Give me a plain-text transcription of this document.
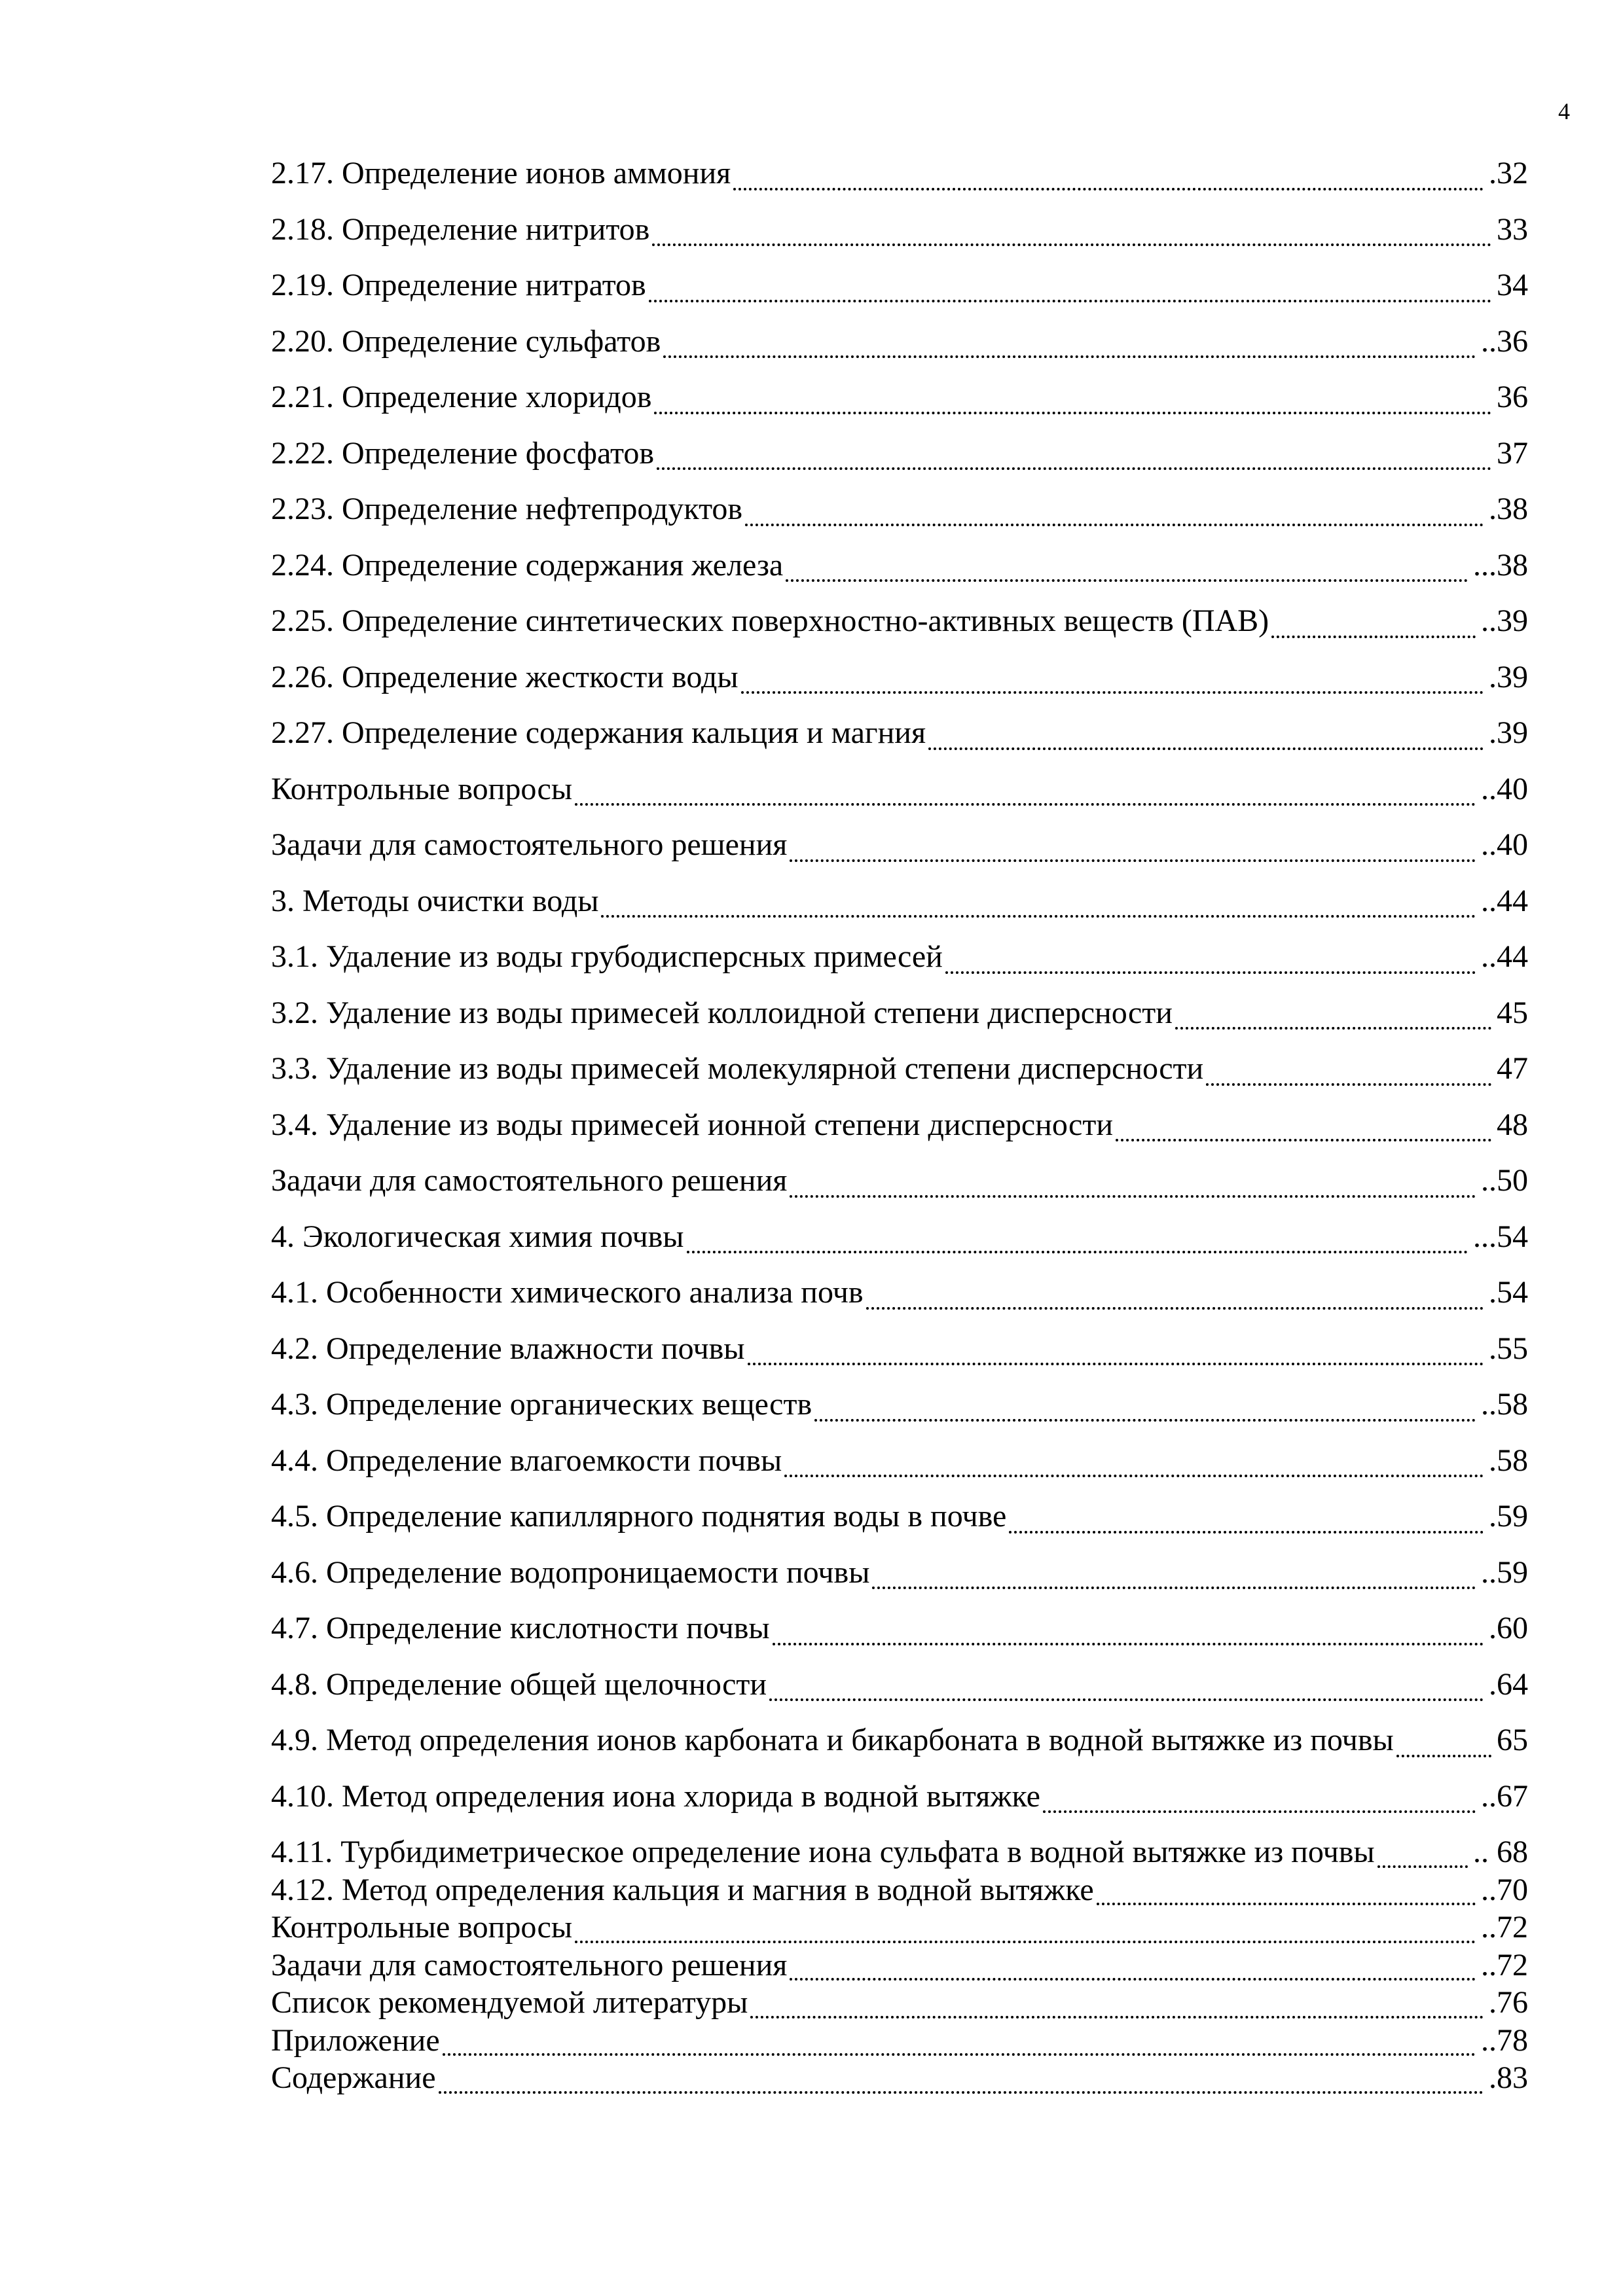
4
2.17. Определение ионов аммония	.32
2.18. Определение нитритов	33
2.19. Определение нитратов	34
2.20. Определение сульфатов	..36
2.21. Определение хлоридов	36
2.22. Определение фосфатов	37
2.23. Определение нефтепродуктов	.38
2.24. Определение содержания железа	...38
2.25. Определение синтетических поверхностно-активных веществ (ПАВ)	..39
2.26. Определение жесткости воды	.39
2.27. Определение содержания кальция и магния	.39
Контрольные вопросы	..40
Задачи для самостоятельного решения	..40
3. Методы очистки воды	..44
3.1. Удаление из воды грубодисперсных примесей	..44
3.2. Удаление из воды примесей коллоидной степени дисперсности	45
3.3. Удаление из воды примесей молекулярной степени дисперсности	47
3.4. Удаление из воды примесей ионной степени дисперсности	48
Задачи для самостоятельного решения	..50
4. Экологическая химия почвы	...54
4.1. Особенности химического анализа почв	.54
4.2. Определение влажности почвы	.55
4.3. Определение органических веществ	..58
4.4. Определение влагоемкости почвы	.58
4.5. Определение капиллярного поднятия воды в почве	.59
4.6. Определение водопроницаемости почвы	..59
4.7. Определение кислотности почвы	.60
4.8. Определение общей щелочности	.64
4.9. Метод определения ионов карбоната и бикарбоната в водной вытяжке из почвы	65
4.10. Метод определения иона хлорида в водной вытяжке	..67
4.11. Турбидиметрическое определение иона сульфата в водной вытяжке из почвы	.. 68
4.12. Метод определения кальция и магния в водной вытяжке	..70
Контрольные вопросы	..72
Задачи для самостоятельного решения	..72
Список рекомендуемой литературы	.76
Приложение	..78
Содержание	.83
